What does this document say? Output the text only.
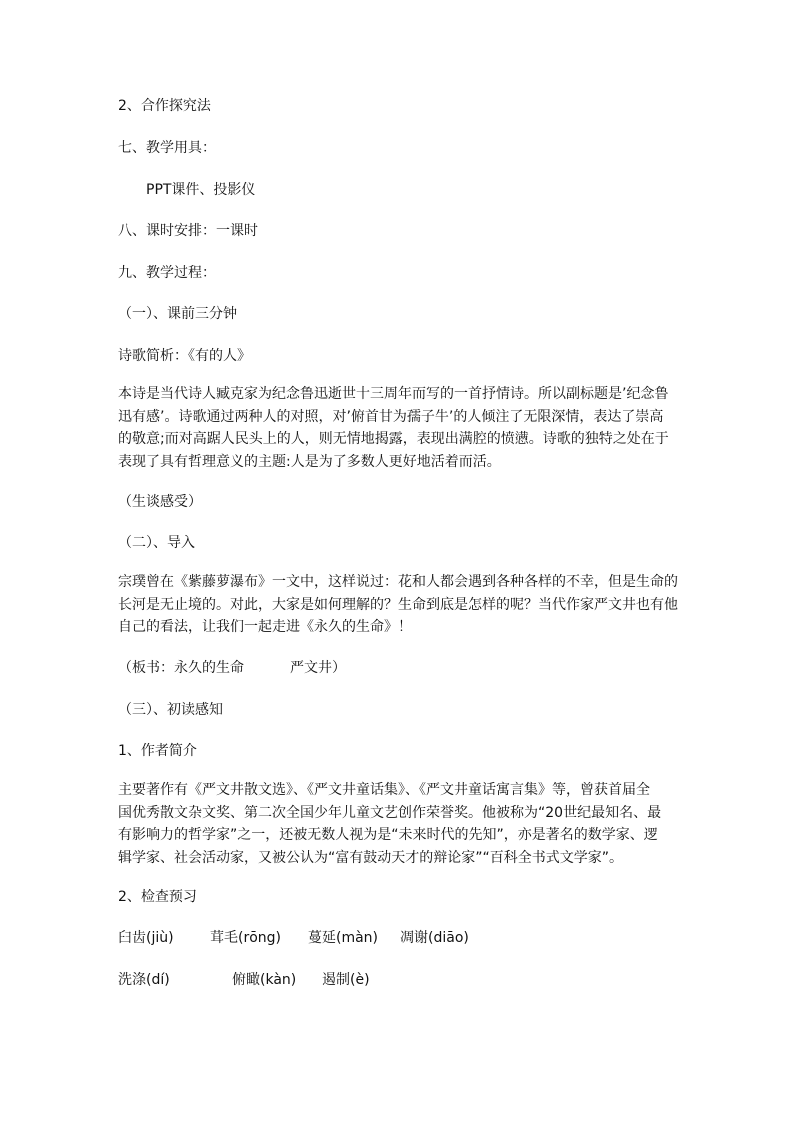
2、合作探究法
七、教学用具：
PPT课件、投影仪
八、课时安排：一课时
九、教学过程：
（一）、课前三分钟
诗歌简析：《有的人》
本诗是当代诗人臧克家为纪念鲁迅逝世十三周年而写的一首抒情诗。所以副标题是’纪念鲁
迅有感’。诗歌通过两种人的对照，对’俯首甘为孺子牛’的人倾注了无限深情，表达了崇高
的敬意;而对高踞人民头上的人，则无情地揭露，表现出满腔的愤懑。诗歌的独特之处在于
表现了具有哲理意义的主题:人是为了多数人更好地活着而活。
（生谈感受）
（二）、导入
宗璞曾在《紫藤萝瀑布》一文中，这样说过：花和人都会遇到各种各样的不幸，但是生命的
长河是无止境的。对此，大家是如何理解的？生命到底是怎样的呢？当代作家严文井也有他
自己的看法，让我们一起走进《永久的生命》！
（板书：永久的生命	严文井）
（三）、初读感知
1、作者简介
主要著作有《严文井散文选》、《严文井童话集》、《严文井童话寓言集》等，曾获首届全
国优秀散文杂文奖、第二次全国少年儿童文艺创作荣誉奖。他被称为“20世纪最知名、最
有影响力的哲学家”之一，还被无数人视为是“未来时代的先知”，亦是著名的数学家、逻
辑学家、社会活动家，又被公认为“富有鼓动天才的辩论家”“百科全书式文学家”。
2、检查预习
臼齿(jiù)	茸毛(rōng) 蔓延(màn) 凋谢(diāo)
洗涤(dí)	俯瞰(kàn) 遏制(è)
